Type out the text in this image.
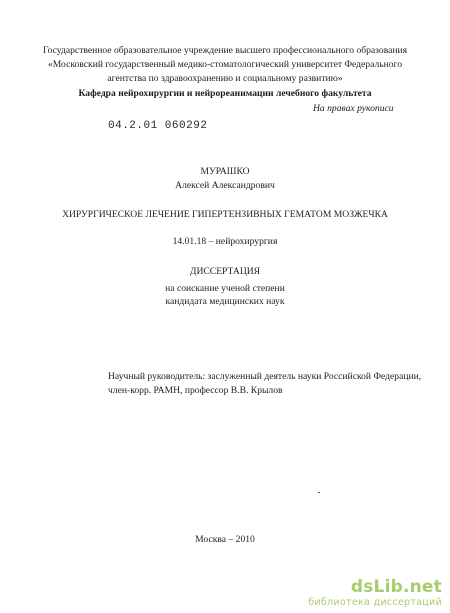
Государственное образовательное учреждение высшего профессионального образования
«Московский государственный медико-стоматологический университет Федерального
агентства по здравоохранению и социальному развитию»
Кафедра нейрохирургии и нейрореанимации лечебного факультета
На правах рукописи
04.2.01 060292
МУРАШКО
Алексей Александрович
ХИРУРГИЧЕСКОЕ ЛЕЧЕНИЕ ГИПЕРТЕНЗИВНЫХ ГЕМАТОМ МОЗЖЕЧКА
14.01.18 – нейрохирургия
ДИССЕРТАЦИЯ
на соискание ученой степени
кандидата медицинских наук
Научный руководитель: заслуженный деятель науки Российской Федерации,
член-корр. РАМН, профессор В.В. Крылов
Москва – 2010
dsLib.net
библиотека диссертаций
